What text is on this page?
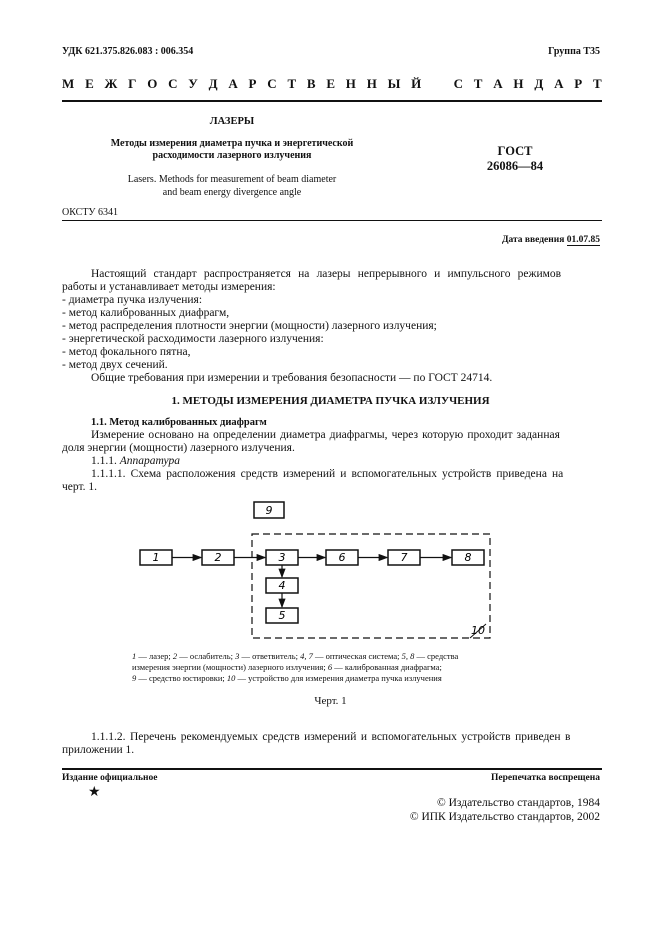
УДК 621.375.826.083 : 006.354	Группа Т35
М Е Ж Г О С У Д А Р С Т В Е Н Н Ы Й С Т А Н Д А Р Т
ЛАЗЕРЫ
Методы измерения диаметра пучка и энергетической
расходимости лазерного излучения
Lasers. Methods for measurement of beam diameter
and beam energy divergence angle
ГОСТ
26086—84
ОКСТУ 6341
Дата введения 01.07.85

Настоящий стандарт распространяется на лазеры непрерывного и импульсного режимов

работы и устанавливает методы измерения:

- диаметра пучка излучения:

- метод калиброванных диафрагм,

- метод распределения плотности энергии (мощности) лазерного излучения;

- энергетической расходимости лазерного излучения:

- метод фокального пятна,

- метод двух сечений.

Общие требования при измерении и требования безопасности — по ГОСТ 24714.

1. МЕТОДЫ ИЗМЕРЕНИЯ ДИАМЕТРА ПУЧКА ИЗЛУЧЕНИЯ

1.1. Метод калиброванных диафрагм

Измерение основано на определении диаметра диафрагмы, через которую проходит заданная

доля энергии (мощности) лазерного излучения.

1.1.1. Аппаратура

1.1.1.1. Схема расположения средств измерений и вспомогательных устройств приведена на

черт. 1.

9
1	2	3	6	7	8
4
5
10
1 — лазер; 2 — ослабитель; 3 — ответвитель; 4, 7 — оптическая система; 5, 8 — средства
измерения энергии (мощности) лазерного излучения; 6 — калиброванная диафрагма;
9 — средство юстировки; 10 — устройство для измерения диаметра пучка излучения
Черт. 1

1.1.1.2. Перечень рекомендуемых средств измерений и вспомогательных устройств приведен в

приложении 1.

Издание официальное
★
Перепечатка воспрещена
© Издательство стандартов, 1984
© ИПК Издательство стандартов, 2002
